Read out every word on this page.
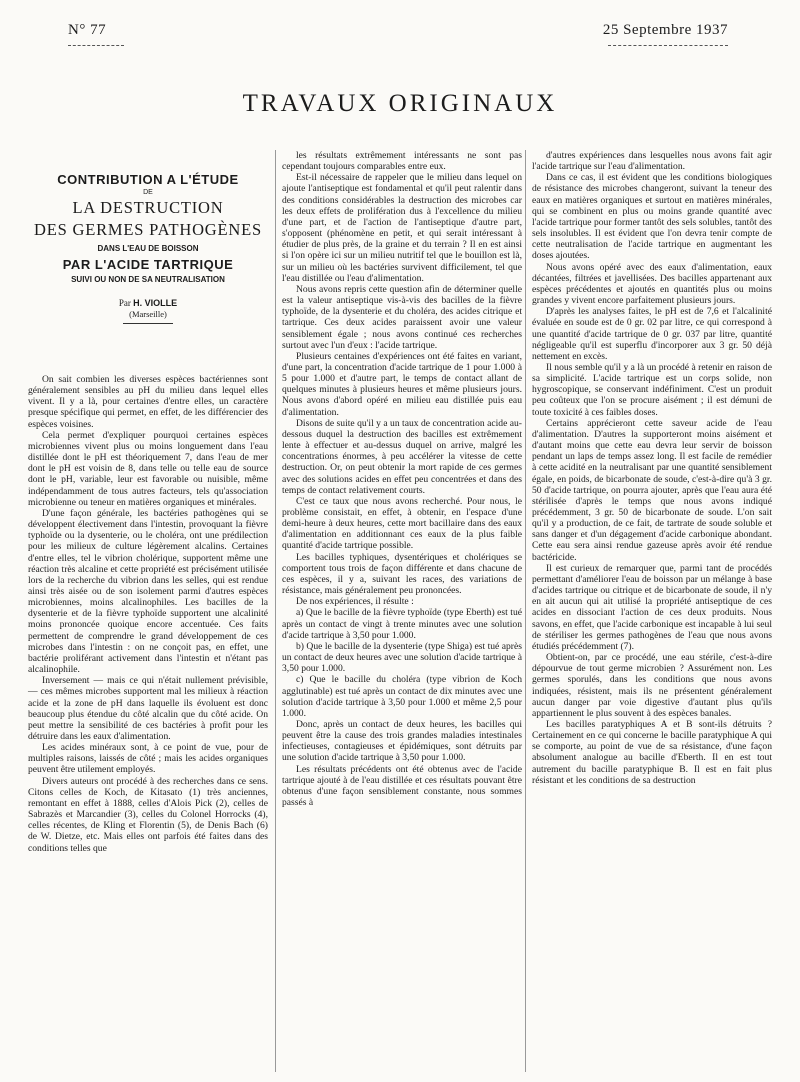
N° 77	25 Septembre 1937
TRAVAUX ORIGINAUX
CONTRIBUTION A L'ÉTUDE
DE
LA DESTRUCTION
DES GERMES PATHOGÈNES
DANS L'EAU DE BOISSON
PAR L'ACIDE TARTRIQUE
SUIVI OU NON DE SA NEUTRALISATION
Par H. VIOLLE
(Marseille)

On sait combien les diverses espèces bactériennes sont généralement sensibles au pH du milieu dans lequel elles vivent. Il y a là, pour certaines d'entre elles, un caractère presque spécifique qui permet, en effet, de les différencier des espèces voisines.

Cela permet d'expliquer pourquoi certaines espèces microbiennes vivent plus ou moins longuement dans l'eau distillée dont le pH est théoriquement 7, dans l'eau de mer dont le pH est voisin de 8, dans telle ou telle eau de source dont le pH, variable, leur est favorable ou nuisible, même indépendamment de tous autres facteurs, tels qu'association microbienne ou teneur en matières organiques et minérales.

D'une façon générale, les bactéries pathogènes qui se développent électivement dans l'intestin, provoquant la fièvre typhoïde ou la dysenterie, ou le choléra, ont une prédilection pour les milieux de culture légèrement alcalins. Certaines d'entre elles, tel le vibrion cholérique, supportent même une réaction très alcaline et cette propriété est précisément utilisée lors de la recherche du vibrion dans les selles, qui est rendue ainsi très aisée ou de son isolement parmi d'autres espèces microbiennes, moins alcalinophiles. Les bacilles de la dysenterie et de la fièvre typhoïde supportent une alcalinité moins prononcée quoique encore accentuée. Ces faits permettent de comprendre le grand développement de ces microbes dans l'intestin : on ne conçoit pas, en effet, une bactérie proliférant activement dans l'intestin et n'étant pas alcalinophile.

Inversement — mais ce qui n'était nullement prévisible, — ces mêmes microbes supportent mal les milieux à réaction acide et la zone de pH dans laquelle ils évoluent est donc beaucoup plus étendue du côté alcalin que du côté acide. On peut mettre la sensibilité de ces bactéries à profit pour les détruire dans les eaux d'alimentation.

Les acides minéraux sont, à ce point de vue, pour de multiples raisons, laissés de côté ; mais les acides organiques peuvent être utilement employés.

Divers auteurs ont procédé à des recherches dans ce sens. Citons celles de Koch, de Kitasato (1) très anciennes, remontant en effet à 1888, celles d'Alois Pick (2), celles de Sabrazès et Marcandier (3), celles du Colonel Horrocks (4), celles récentes, de Kling et Florentin (5), de Denis Bach (6) de W. Dietze, etc. Mais elles ont parfois été faites dans des conditions telles que

les résultats extrêmement intéressants ne sont pas cependant toujours comparables entre eux.

Est-il nécessaire de rappeler que le milieu dans lequel on ajoute l'antiseptique est fondamental et qu'il peut ralentir dans des conditions considérables la destruction des microbes car les deux effets de prolifération dus à l'excellence du milieu d'une part, et de l'action de l'antiseptique d'autre part, s'opposent (phénomène en petit, et qui serait intéressant à étudier de plus près, de la graine et du terrain ? Il en est ainsi si l'on opère ici sur un milieu nutritif tel que le bouillon est là, sur un milieu où les bactéries survivent difficilement, tel que l'eau distillée ou l'eau d'alimentation.

Nous avons repris cette question afin de déterminer quelle est la valeur antiseptique vis-à-vis des bacilles de la fièvre typhoïde, de la dysenterie et du choléra, des acides citrique et tartrique. Ces deux acides paraissent avoir une valeur sensiblement égale ; nous avons continué ces recherches surtout avec l'un d'eux : l'acide tartrique.

Plusieurs centaines d'expériences ont été faites en variant, d'une part, la concentration d'acide tartrique de 1 pour 1.000 à 5 pour 1.000 et d'autre part, le temps de contact allant de quelques minutes à plusieurs heures et même plusieurs jours. Nous avons d'abord opéré en milieu eau distillée puis eau d'alimentation.

Disons de suite qu'il y a un taux de concentration acide au-dessous duquel la destruction des bacilles est extrêmement lente à effectuer et au-dessus duquel on arrive, malgré les concentrations énormes, à peu accélérer la vitesse de cette destruction. Or, on peut obtenir la mort rapide de ces germes avec des solutions acides en effet peu concentrées et dans des temps de contact relativement courts.

C'est ce taux que nous avons recherché. Pour nous, le problème consistait, en effet, à obtenir, en l'espace d'une demi-heure à deux heures, cette mort bacillaire dans des eaux d'alimentation en additionnant ces eaux de la plus faible quantité d'acide tartrique possible.

Les bacilles typhiques, dysentériques et cholériques se comportent tous trois de façon différente et dans chacune de ces espèces, il y a, suivant les races, des variations de résistance, mais généralement peu prononcées.

De nos expériences, il résulte :

a) Que le bacille de la fièvre typhoïde (type Eberth) est tué après un contact de vingt à trente minutes avec une solution d'acide tartrique à 3,50 pour 1.000.

b) Que le bacille de la dysenterie (type Shiga) est tué après un contact de deux heures avec une solution d'acide tartrique à 3,50 pour 1.000.

c) Que le bacille du choléra (type vibrion de Koch agglutinable) est tué après un contact de dix minutes avec une solution d'acide tartrique à 3,50 pour 1.000 et même 2,5 pour 1.000.

Donc, après un contact de deux heures, les bacilles qui peuvent être la cause des trois grandes maladies intestinales infectieuses, contagieuses et épidémiques, sont détruits par une solution d'acide tartrique à 3,50 pour 1.000.

Les résultats précédents ont été obtenus avec de l'acide tartrique ajouté à de l'eau distillée et ces résultats pouvant être obtenus d'une façon sensiblement constante, nous sommes passés à

d'autres expériences dans lesquelles nous avons fait agir l'acide tartrique sur l'eau d'alimentation.

Dans ce cas, il est évident que les conditions biologiques de résistance des microbes changeront, suivant la teneur des eaux en matières organiques et surtout en matières minérales, qui se combinent en plus ou moins grande quantité avec l'acide tartrique pour former tantôt des sels solubles, tantôt des sels insolubles. Il est évident que l'on devra tenir compte de cette neutralisation de l'acide tartrique en augmentant les doses ajoutées.

Nous avons opéré avec des eaux d'alimentation, eaux décantées, filtrées et javellisées. Des bacilles appartenant aux espèces précédentes et ajoutés en quantités plus ou moins grandes y vivent encore parfaitement plusieurs jours.

D'après les analyses faites, le pH est de 7,6 et l'alcalinité évaluée en soude est de 0 gr. 02 par litre, ce qui correspond à une quantité d'acide tartrique de 0 gr. 037 par litre, quantité négligeable qu'il est superflu d'incorporer aux 3 gr. 50 déjà nettement en excès.

Il nous semble qu'il y a là un procédé à retenir en raison de sa simplicité. L'acide tartrique est un corps solide, non hygroscopique, se conservant indéfiniment. C'est un produit peu coûteux que l'on se procure aisément ; il est démuni de toute toxicité à ces faibles doses.

Certains apprécieront cette saveur acide de l'eau d'alimentation. D'autres la supporteront moins aisément et d'autant moins que cette eau devra leur servir de boisson pendant un laps de temps assez long. Il est facile de remédier à cette acidité en la neutralisant par une quantité sensiblement égale, en poids, de bicarbonate de soude, c'est-à-dire qu'à 3 gr. 50 d'acide tartrique, on pourra ajouter, après que l'eau aura été stérilisée d'après le temps que nous avons indiqué précédemment, 3 gr. 50 de bicarbonate de soude. L'on sait qu'il y a production, de ce fait, de tartrate de soude soluble et sans danger et d'un dégagement d'acide carbonique abondant. Cette eau sera ainsi rendue gazeuse après avoir été rendue bactéricide.

Il est curieux de remarquer que, parmi tant de procédés permettant d'améliorer l'eau de boisson par un mélange à base d'acides tartrique ou citrique et de bicarbonate de soude, il n'y en ait aucun qui ait utilisé la propriété antiseptique de ces acides en dissociant l'action de ces deux produits. Nous savons, en effet, que l'acide carbonique est incapable à lui seul de stériliser les germes pathogènes de l'eau que nous avons étudiés précédemment (7).

Obtient-on, par ce procédé, une eau stérile, c'est-à-dire dépourvue de tout germe microbien ? Assurément non. Les germes sporulés, dans les conditions que nous avons indiquées, résistent, mais ils ne présentent généralement aucun danger par voie digestive d'autant plus qu'ils appartiennent le plus souvent à des espèces banales.

Les bacilles paratyphiques A et B sont-ils détruits ? Certainement en ce qui concerne le bacille paratyphique A qui se comporte, au point de vue de sa résistance, d'une façon absolument analogue au bacille d'Eberth. Il en est tout autrement du bacille paratyphique B. Il est en fait plus résistant et les conditions de sa destruction
